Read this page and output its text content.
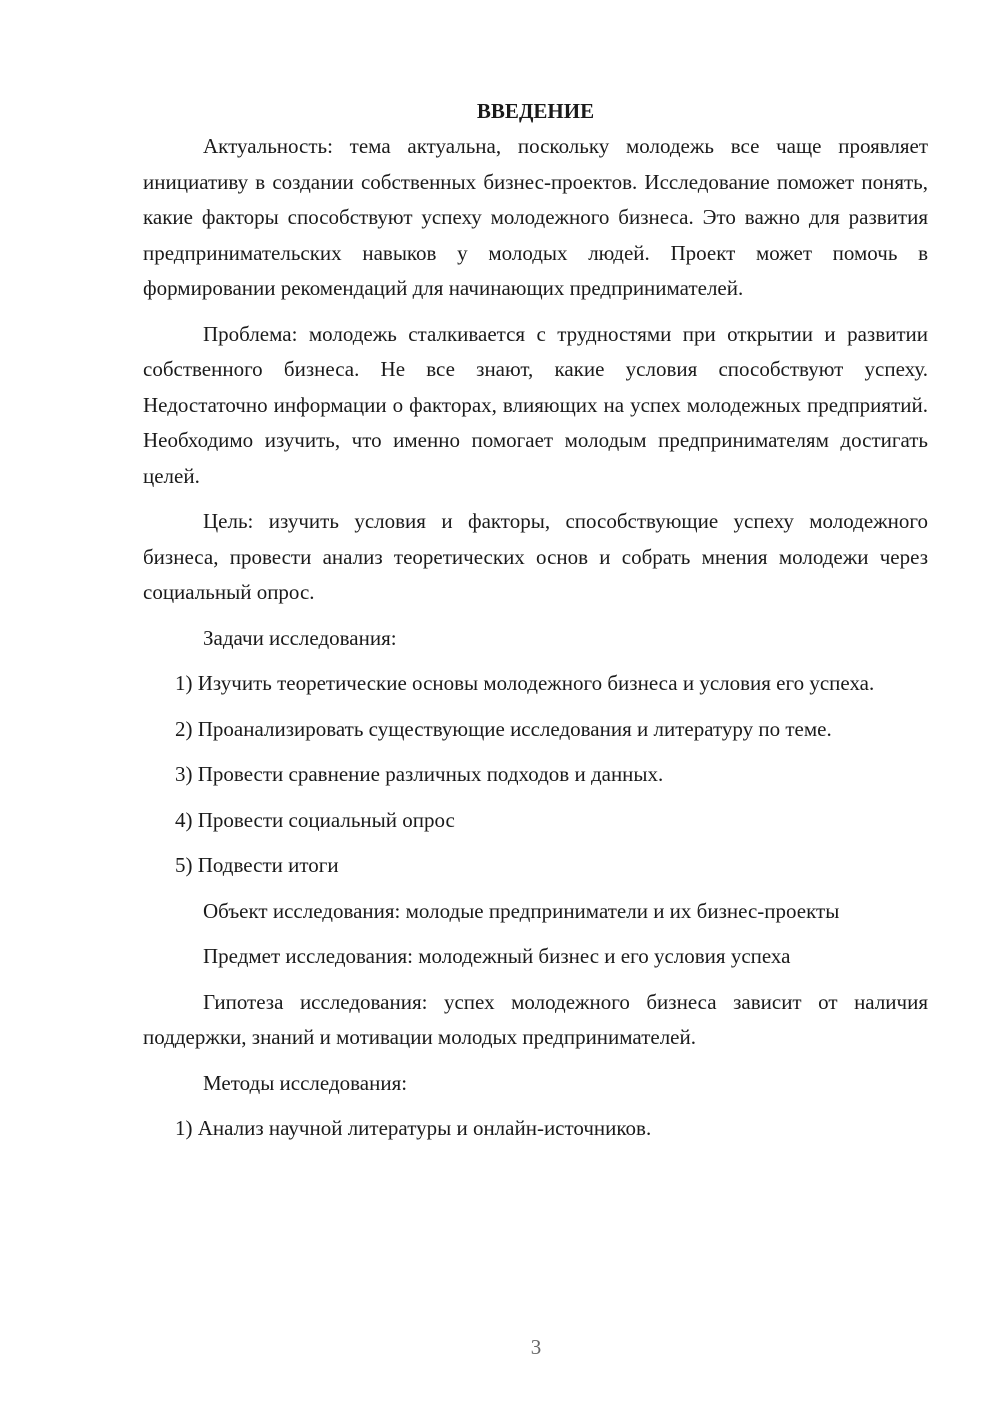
ВВЕДЕНИЕ

Актуальность: тема актуальна, поскольку молодежь все чаще проявляет инициативу в создании собственных бизнес-проектов. Исследование поможет понять, какие факторы способствуют успеху молодежного бизнеса. Это важно для развития предпринимательских навыков у молодых людей. Проект может помочь в формировании рекомендаций для начинающих предпринимателей.

Проблема: молодежь сталкивается с трудностями при открытии и развитии собственного бизнеса. Не все знают, какие условия способствуют успеху. Недостаточно информации о факторах, влияющих на успех молодежных предприятий. Необходимо изучить, что именно помогает молодым предпринимателям достигать целей.

Цель: изучить условия и факторы, способствующие успеху молодежного бизнеса, провести анализ теоретических основ и собрать мнения молодежи через социальный опрос.

Задачи исследования:

1) Изучить теоретические основы молодежного бизнеса и условия его успеха.

2) Проанализировать существующие исследования и литературу по теме.

3) Провести сравнение различных подходов и данных.

4) Провести социальный опрос

5) Подвести итоги

Объект исследования: молодые предприниматели и их бизнес-проекты

Предмет исследования: молодежный бизнес и его условия успеха

Гипотеза исследования: успех молодежного бизнеса зависит от наличия поддержки, знаний и мотивации молодых предпринимателей.

Методы исследования:

1) Анализ научной литературы и онлайн-источников.

3
